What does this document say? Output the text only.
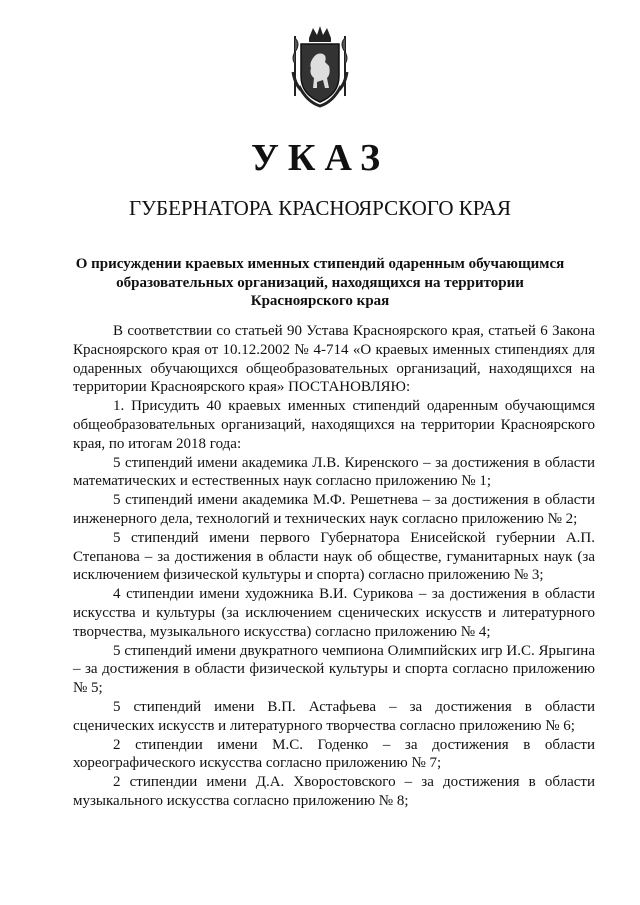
УКАЗ
ГУБЕРНАТОРА КРАСНОЯРСКОГО КРАЯ
О присуждении краевых именных стипендий одаренным обучающимся образовательных организаций, находящихся на территории Красноярского края

В соответствии со статьей 90 Устава Красноярского края, статьей 6 Закона Красноярского края от 10.12.2002 № 4-714 «О краевых именных стипендиях для одаренных обучающихся общеобразовательных организаций, находящихся на территории Красноярского края» ПОСТАНОВЛЯЮ:

1. Присудить 40 краевых именных стипендий одаренным обучающимся общеобразовательных организаций, находящихся на территории Красноярского края, по итогам 2018 года:

5 стипендий имени академика Л.В. Киренского – за достижения в области математических и естественных наук согласно приложению № 1;

5 стипендий имени академика М.Ф. Решетнева – за достижения в области инженерного дела, технологий и технических наук согласно приложению № 2;

5 стипендий имени первого Губернатора Енисейской губернии А.П. Степанова – за достижения в области наук об обществе, гуманитарных наук (за исключением физической культуры и спорта) согласно приложению № 3;

4 стипендии имени художника В.И. Сурикова – за достижения в области искусства и культуры (за исключением сценических искусств и литературного творчества, музыкального искусства) согласно приложению № 4;

5 стипендий имени двукратного чемпиона Олимпийских игр И.С. Ярыгина – за достижения в области физической культуры и спорта согласно приложению № 5;

5 стипендий имени В.П. Астафьева – за достижения в области сценических искусств и литературного творчества согласно приложению № 6;

2 стипендии имени М.С. Годенко – за достижения в области хореографического искусства согласно приложению № 7;

2 стипендии имени Д.А. Хворостовского – за достижения в области музыкального искусства согласно приложению № 8;
